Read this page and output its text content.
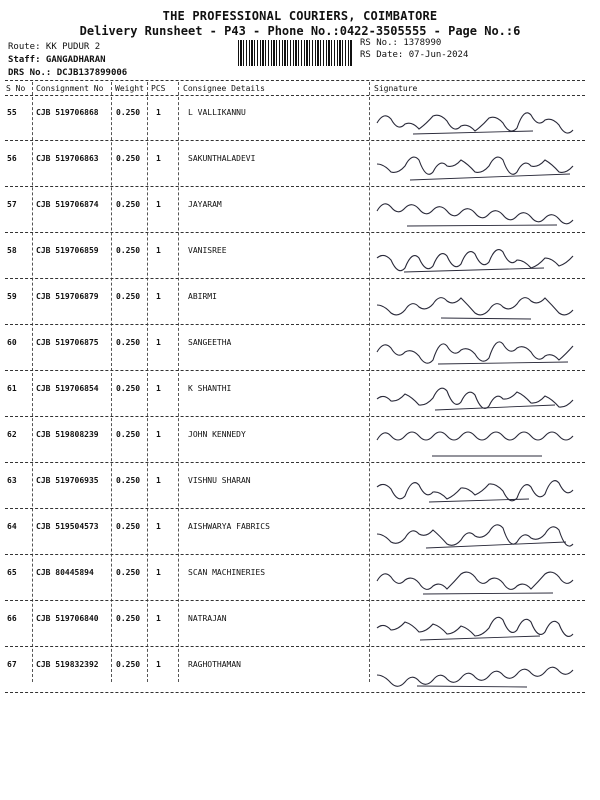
THE PROFESSIONAL COURIERS, COIMBATORE
Delivery Runsheet - P43 - Phone No.:0422-3505555 - Page No.:6
Route: KK PUDUR 2
Staff: GANGADHARAN
DRS No.: DCJB137899006
RS No.: 1378990
RS Date: 07-Jun-2024
S No Consignment No Weight PCS Consignee Details	Signature
55 CJB 519706868 0.250 1	L VALLIKANNU
56 CJB 519706863 0.250 1	SAKUNTHALADEVI
57 CJB 519706874 0.250 1	JAYARAM
58 CJB 519706859 0.250 1	VANISREE
59 CJB 519706879 0.250 1	ABIRMI
60 CJB 519706875 0.250 1	SANGEETHA
61 CJB 519706854 0.250 1	K SHANTHI
62 CJB 519808239 0.250 1	JOHN KENNEDY
63 CJB 519706935 0.250 1	VISHNU SHARAN
64 CJB 519504573 0.250 1	AISHWARYA FABRICS
65 CJB 80445894	0.250 1	SCAN MACHINERIES
66 CJB 519706840 0.250 1	NATRAJAN
67 CJB 519832392 0.250 1	RAGHOTHAMAN
